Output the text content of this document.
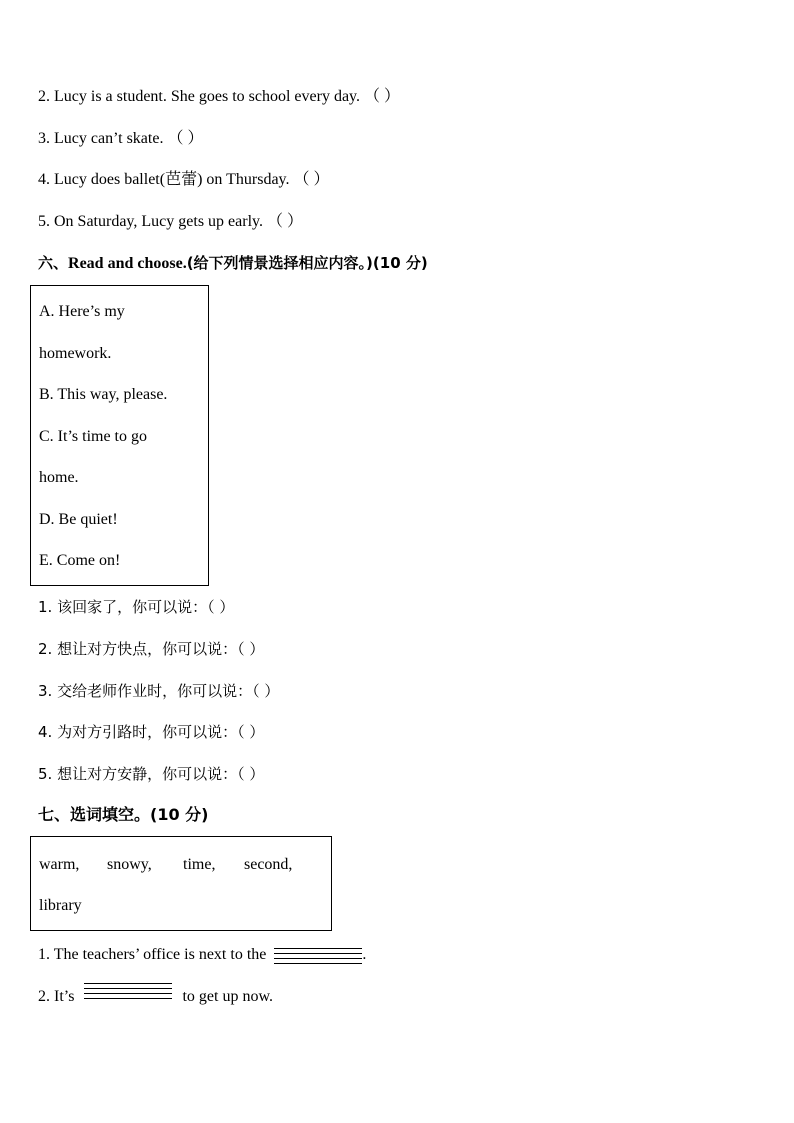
2. Lucy is a student. She goes to school every day. （ ）
3. Lucy can’t skate. （ ）
4. Lucy does ballet(芭蕾) on Thursday. （ ）
5. On Saturday, Lucy gets up early. （ ）
六、Read and choose.(给下列情景选择相应内容。)(10 分)
A. Here’s my
homework.
B. This way, please.
C. It’s time to go
home.
D. Be quiet!
E. Come on!
1. 该回家了，你可以说：（ ）
2. 想让对方快点，你可以说：（ ）
3. 交给老师作业时，你可以说：（ ）
4. 为对方引路时，你可以说：（ ）
5. 想让对方安静，你可以说：（ ）
七、选词填空。(10 分)
warm, snowy, time, second,
library
1. The teachers’ office is next to the	.
2. It’s	to get up now.
